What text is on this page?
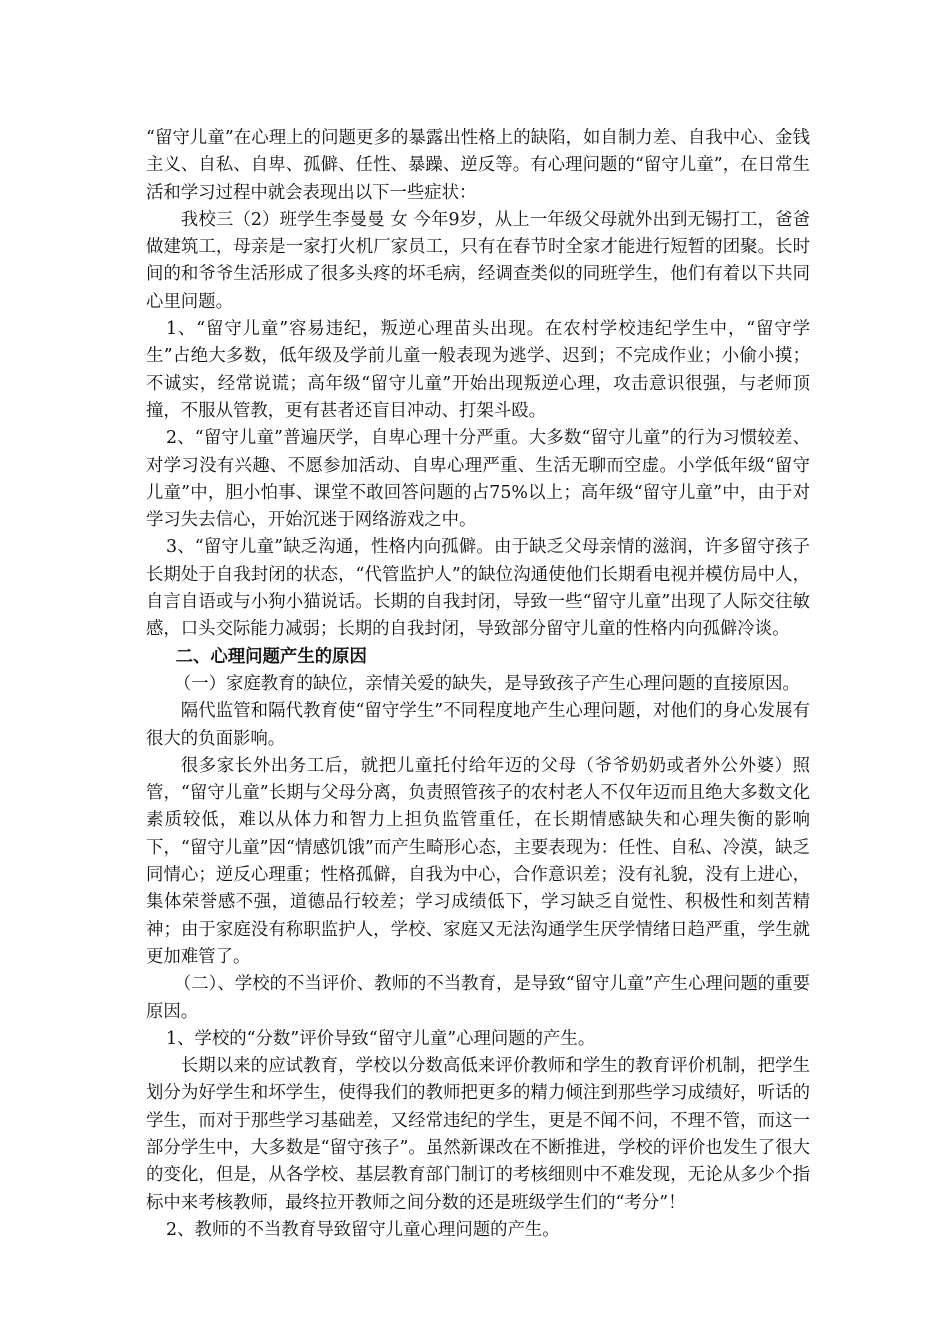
“留守儿童”在心理上的问题更多的暴露出性格上的缺陷，如自制力差、自我中心、金钱主义、自私、自卑、孤僻、任性、暴躁、逆反等。有心理问题的“留守儿童”，在日常生活和学习过程中就会表现出以下一些症状：

我校三（2）班学生李曼曼 女 今年9岁，从上一年级父母就外出到无锡打工，爸爸做建筑工，母亲是一家打火机厂家员工，只有在春节时全家才能进行短暂的团聚。长时间的和爷爷生活形成了很多头疼的坏毛病，经调查类似的同班学生，他们有着以下共同心里问题。

1、“留守儿童”容易违纪，叛逆心理苗头出现。在农村学校违纪学生中，“留守学生”占绝大多数，低年级及学前儿童一般表现为逃学、迟到；不完成作业；小偷小摸；不诚实，经常说谎；高年级“留守儿童”开始出现叛逆心理，攻击意识很强，与老师顶撞，不服从管教，更有甚者还盲目冲动、打架斗殴。

2、“留守儿童”普遍厌学，自卑心理十分严重。大多数“留守儿童”的行为习惯较差、对学习没有兴趣、不愿参加活动、自卑心理严重、生活无聊而空虚。小学低年级“留守儿童”中，胆小怕事、课堂不敢回答问题的占75%以上；高年级“留守儿童”中，由于对学习失去信心，开始沉迷于网络游戏之中。

3、“留守儿童”缺乏沟通，性格内向孤僻。由于缺乏父母亲情的滋润，许多留守孩子长期处于自我封闭的状态，“代管监护人”的缺位沟通使他们长期看电视并模仿局中人，自言自语或与小狗小猫说话。长期的自我封闭，导致一些“留守儿童”出现了人际交往敏感，口头交际能力减弱；长期的自我封闭，导致部分留守儿童的性格内向孤僻冷谈。

二、心理问题产生的原因

（一）家庭教育的缺位，亲情关爱的缺失，是导致孩子产生心理问题的直接原因。

隔代监管和隔代教育使“留守学生”不同程度地产生心理问题，对他们的身心发展有很大的负面影响。

很多家长外出务工后，就把儿童托付给年迈的父母（爷爷奶奶或者外公外婆）照管，“留守儿童”长期与父母分离，负责照管孩子的农村老人不仅年迈而且绝大多数文化素质较低，难以从体力和智力上担负监管重任，在长期情感缺失和心理失衡的影响下，“留守儿童”因“情感饥饿”而产生畸形心态，主要表现为：任性、自私、冷漠，缺乏同情心；逆反心理重；性格孤僻，自我为中心，合作意识差；没有礼貌，没有上进心，集体荣誉感不强，道德品行较差；学习成绩低下，学习缺乏自觉性、积极性和刻苦精神；由于家庭没有称职监护人，学校、家庭又无法沟通学生厌学情绪日趋严重，学生就更加难管了。

（二）、学校的不当评价、教师的不当教育，是导致“留守儿童”产生心理问题的重要原因。

1、学校的“分数”评价导致“留守儿童”心理问题的产生。

长期以来的应试教育，学校以分数高低来评价教师和学生的教育评价机制，把学生划分为好学生和坏学生，使得我们的教师把更多的精力倾注到那些学习成绩好，听话的学生，而对于那些学习基础差，又经常违纪的学生，更是不闻不问，不理不管，而这一部分学生中，大多数是“留守孩子”。虽然新课改在不断推进，学校的评价也发生了很大的变化，但是，从各学校、基层教育部门制订的考核细则中不难发现，无论从多少个指标中来考核教师，最终拉开教师之间分数的还是班级学生们的“考分”！

2、教师的不当教育导致留守儿童心理问题的产生。
